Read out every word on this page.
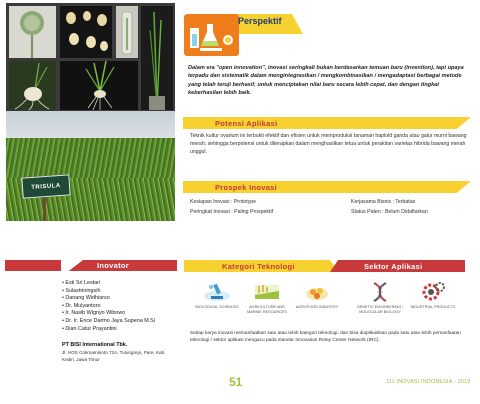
TRISULA
Perspektif

Dalam era "open innovation", inovasi seringkali bukan berdasarkan temuan baru (invention), tapi upaya terpadu dan sistematik dalam mengintegrasikan / mengkombinasikan / mengadaptasi berbagai metode yang telah teruji berhasil; untuk menciptakan nilai baru secara lebih cepat, dan dengan tingkat keberhasilan lebih baik.

Potensi Aplikasi

Teknik kultur ovarium ini terbukti efektif dan efisien untuk memproduksi tanaman haploid ganda atau galur murni bawang merah; sehingga berpotensi untuk diterapkan dalam menghasilkan tetua untuk perakitan varietas hibrida bawang merah unggul.

Prospek Inovasi
Kesiapan Inovasi : Prototype
Peringkat Inovasi : Paling Prospektif
Kerjasama Bisnis : Terbatas
Status Paten : Belum Didaftarkan
Inovator
• Esti Sri Lestari
• Sulastriningsih
• Danang Widhiarso
• Dr. Mulyantoro
• Ir. Nasib Wignyo Wibowo
• Dr. Ir. Ence Darmo Jaya Supena M.Si
• Dian Catur Prayantini
PT BISI International Tbk.
Jl. HOS Cokroaminoto 72A, Tulungrejo, Pare, Kab. Kediri, Jawa Timur
Kategori Teknologi	Sektor Aplikasi
BIOLOGICAL SCIENCES	AGRICULTURE AND MARINE RESOURCES
AGROFOOD INDUSTRY	GENETIC ENGINEERING / MOLECULAR BIOLOGY
INDUSTRIAL PRODUCTS

Setiap karya inovasi memanfaatkan satu atau lebih kategori teknologi, dan bisa diaplikasikan pada satu atau lebih pemanfaatan teknologi / sektor aplikasi mengacu pada standar Innovation Relay Center Network (IRC).

51	111 INOVASI INDONESIA - 2019
